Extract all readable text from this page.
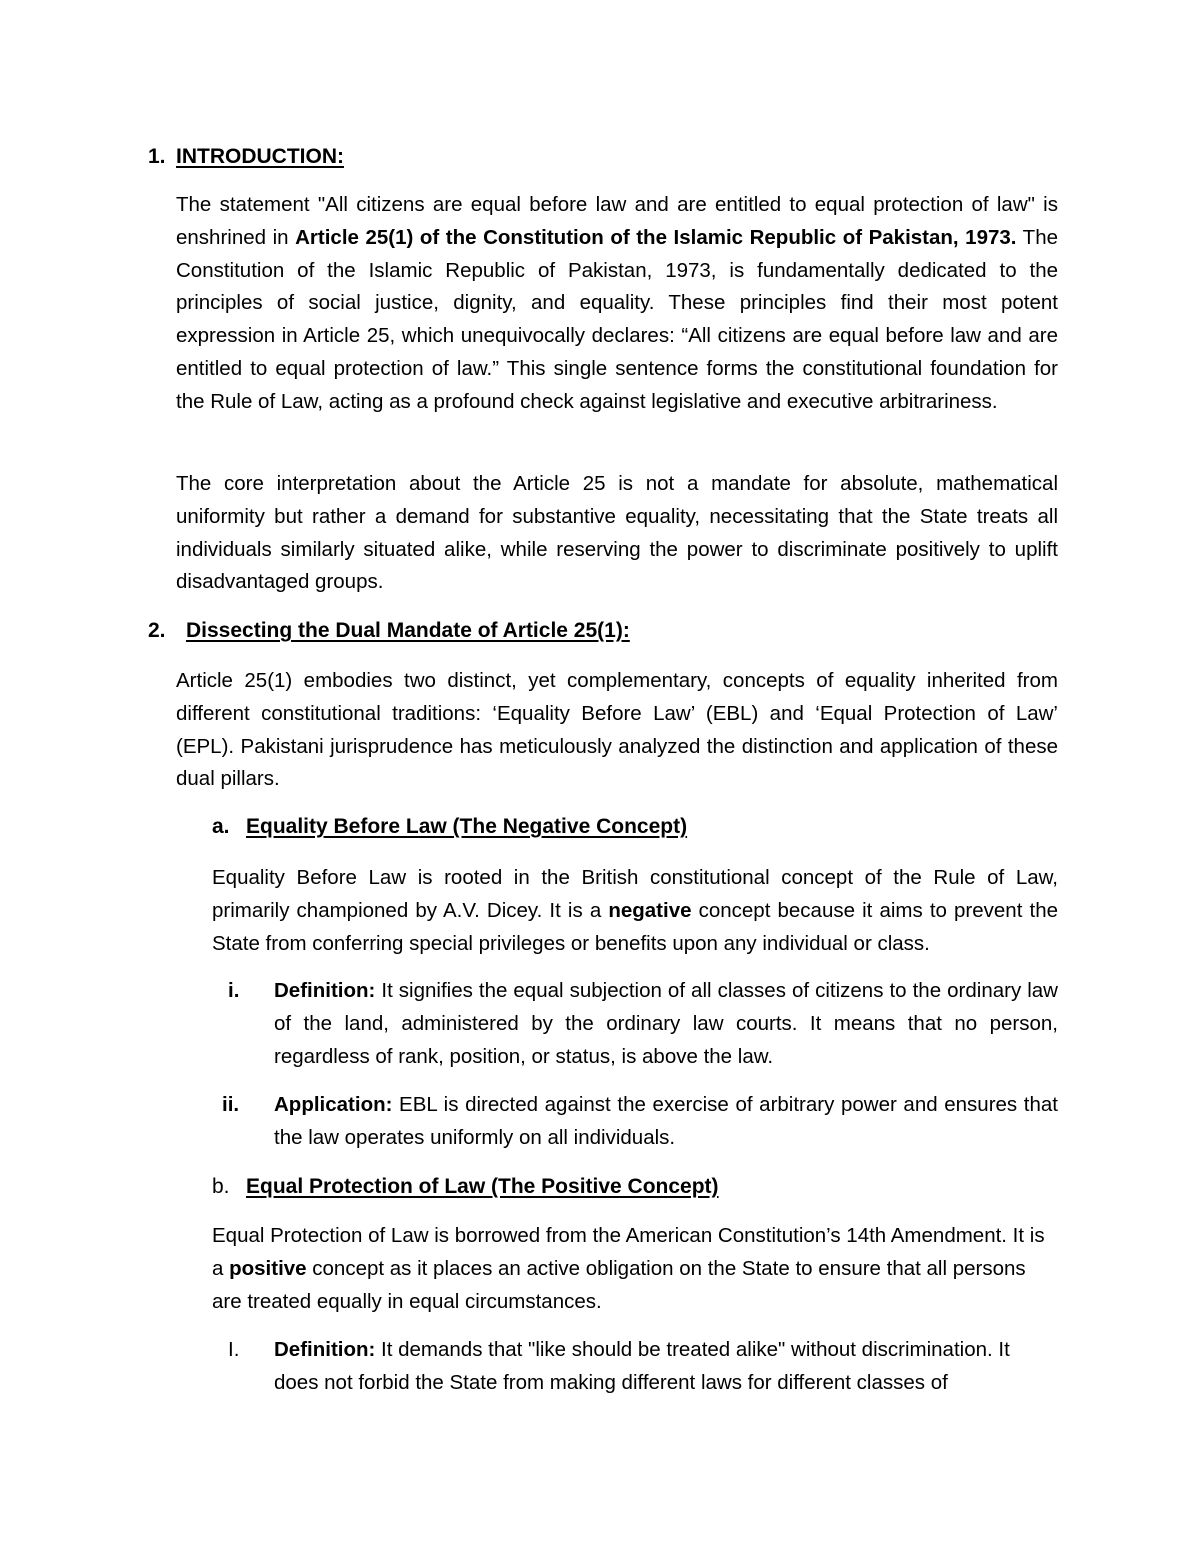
1. INTRODUCTION:

The statement "All citizens are equal before law and are entitled to equal protection of law" is enshrined in Article 25(1) of the Constitution of the Islamic Republic of Pakistan, 1973. The Constitution of the Islamic Republic of Pakistan, 1973, is fundamentally dedicated to the principles of social justice, dignity, and equality. These principles find their most potent expression in Article 25, which unequivocally declares: “All citizens are equal before law and are entitled to equal protection of law.” This single sentence forms the constitutional foundation for the Rule of Law, acting as a profound check against legislative and executive arbitrariness.

The core interpretation about the Article 25 is not a mandate for absolute, mathematical uniformity but rather a demand for substantive equality, necessitating that the State treats all individuals similarly situated alike, while reserving the power to discriminate positively to uplift disadvantaged groups.

2. Dissecting the Dual Mandate of Article 25(1):

Article 25(1) embodies two distinct, yet complementary, concepts of equality inherited from different constitutional traditions: ‘Equality Before Law’ (EBL) and ‘Equal Protection of Law’ (EPL). Pakistani jurisprudence has meticulously analyzed the distinction and application of these dual pillars.

a. Equality Before Law (The Negative Concept)

Equality Before Law is rooted in the British constitutional concept of the Rule of Law, primarily championed by A.V. Dicey. It is a negative concept because it aims to prevent the State from conferring special privileges or benefits upon any individual or class.

i. Definition: It signifies the equal subjection of all classes of citizens to the ordinary law of the land, administered by the ordinary law courts. It means that no person, regardless of rank, position, or status, is above the law.
ii. Application: EBL is directed against the exercise of arbitrary power and ensures that the law operates uniformly on all individuals.
b. Equal Protection of Law (The Positive Concept)

Equal Protection of Law is borrowed from the American Constitution’s 14th Amendment. It is a positive concept as it places an active obligation on the State to ensure that all persons are treated equally in equal circumstances.

I. Definition: It demands that "like should be treated alike" without discrimination. It does not forbid the State from making different laws for different classes of
